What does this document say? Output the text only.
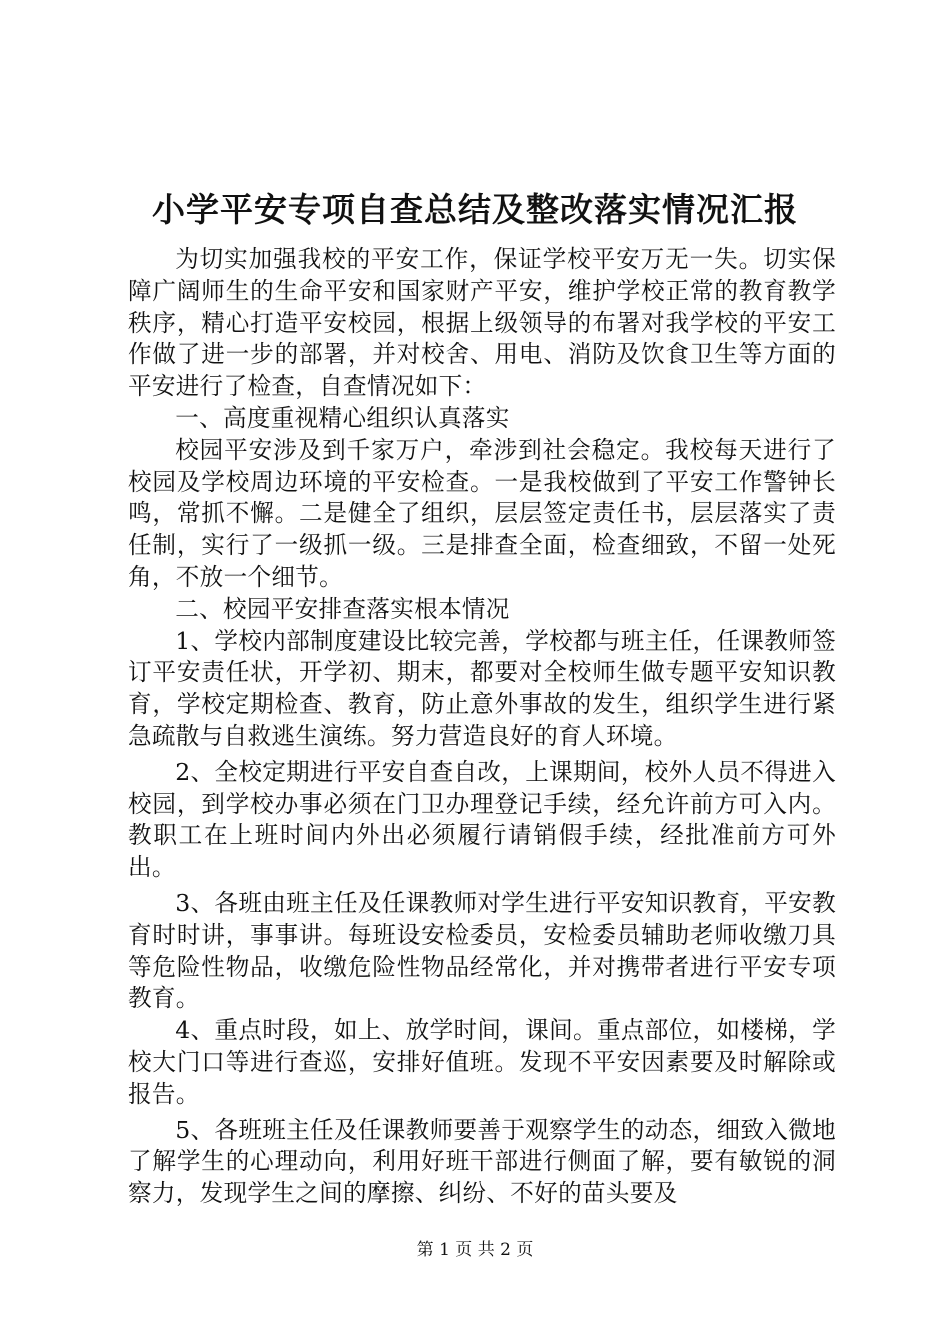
小学平安专项自查总结及整改落实情况汇报

为切实加强我校的平安工作，保证学校平安万无一失。切实保障广阔师生的生命平安和国家财产平安，维护学校正常的教育教学秩序，精心打造平安校园，根据上级领导的布署对我学校的平安工作做了进一步的部署，并对校舍、用电、消防及饮食卫生等方面的平安进行了检查，自查情况如下：

一、高度重视精心组织认真落实

校园平安涉及到千家万户，牵涉到社会稳定。我校每天进行了校园及学校周边环境的平安检查。一是我校做到了平安工作警钟长鸣，常抓不懈。二是健全了组织，层层签定责任书，层层落实了责任制，实行了一级抓一级。三是排查全面，检查细致，不留一处死角，不放一个细节。

二、校园平安排查落实根本情况

1、学校内部制度建设比较完善，学校都与班主任，任课教师签订平安责任状，开学初、期末，都要对全校师生做专题平安知识教育，学校定期检查、教育，防止意外事故的发生，组织学生进行紧急疏散与自救逃生演练。努力营造良好的育人环境。

2、全校定期进行平安自查自改，上课期间，校外人员不得进入校园，到学校办事必须在门卫办理登记手续，经允许前方可入内。教职工在上班时间内外出必须履行请销假手续，经批准前方可外出。

3、各班由班主任及任课教师对学生进行平安知识教育，平安教育时时讲，事事讲。每班设安检委员，安检委员辅助老师收缴刀具等危险性物品，收缴危险性物品经常化，并对携带者进行平安专项教育。

4、重点时段，如上、放学时间，课间。重点部位，如楼梯，学校大门口等进行查巡，安排好值班。发现不平安因素要及时解除或报告。

5、各班班主任及任课教师要善于观察学生的动态，细致入微地了解学生的心理动向，利用好班干部进行侧面了解，要有敏锐的洞察力，发现学生之间的摩擦、纠纷、不好的苗头要及

第 1 页 共 2 页
